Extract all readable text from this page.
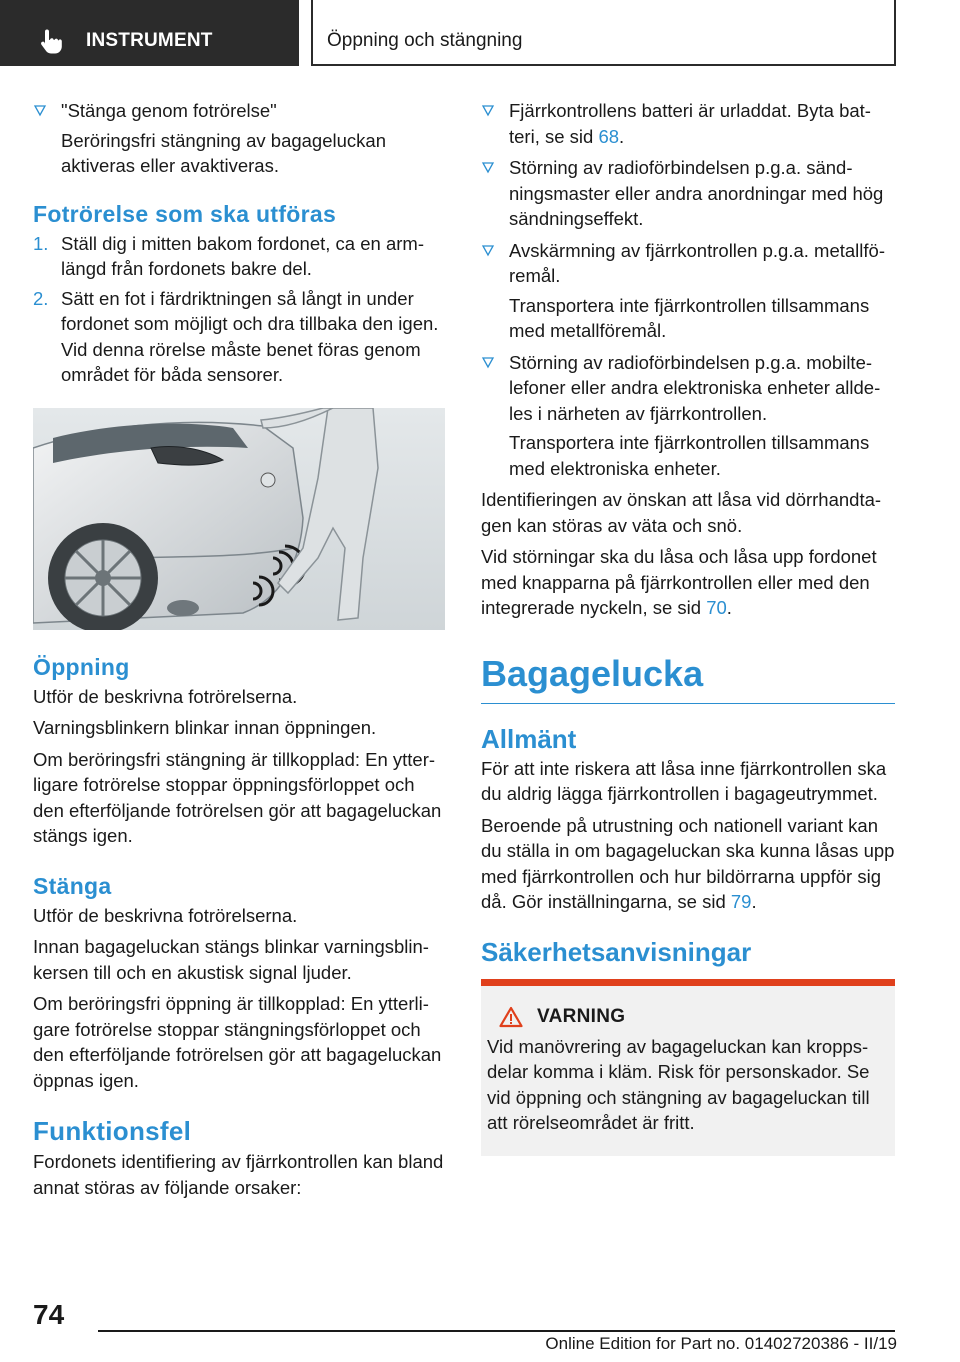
INSTRUMENT	Öppning och stängning

"Stänga genom fotrörelse"

Beröringsfri stängning av bagageluckan aktiveras eller avaktiveras.

Fotrörelse som ska utföras
1. Ställ dig i mitten bakom fordonet, ca en armlängd från fordonets bakre del.

2. Sätt en fot i färdriktningen så långt in under fordonet som möjligt och dra tillbaka den igen. Vid denna rörelse måste benet föras genom området för båda sensorer.

Öppning

Utför de beskrivna fotrörelserna.

Varningsblinkern blinkar innan öppningen.

Om beröringsfri stängning är tillkopplad: En ytterligare fotrörelse stoppar öppningsförloppet och den efterföljande fotrörelsen gör att bagageluckan stängs igen.

Stänga

Utför de beskrivna fotrörelserna.

Innan bagageluckan stängs blinkar varningsblinkersen till och en akustisk signal ljuder.

Om beröringsfri öppning är tillkopplad: En ytterligare fotrörelse stoppar stängningsförloppet och den efterföljande fotrörelsen gör att bagageluckan öppnas igen.

Funktionsfel

Fordonets identifiering av fjärrkontrollen kan bland annat störas av följande orsaker:

Fjärrkontrollens batteri är urladdat. Byta batteri, se sid 68.

Störning av radioförbindelsen p.g.a. sändningsmaster eller andra anordningar med hög sändningseffekt.

Avskärmning av fjärrkontrollen p.g.a. metallföremål.

Transportera inte fjärrkontrollen tillsammans med metallföremål.

Störning av radioförbindelsen p.g.a. mobiltelefoner eller andra elektroniska enheter alldeles i närheten av fjärrkontrollen.

Transportera inte fjärrkontrollen tillsammans med elektroniska enheter.

Identifieringen av önskan att låsa vid dörrhandtagen kan störas av väta och snö.

Vid störningar ska du låsa och låsa upp fordonet med knapparna på fjärrkontrollen eller med den integrerade nyckeln, se sid 70.

Bagagelucka
Allmänt

För att inte riskera att låsa inne fjärrkontrollen ska du aldrig lägga fjärrkontrollen i bagageutrymmet.

Beroende på utrustning och nationell variant kan du ställa in om bagageluckan ska kunna låsas upp med fjärrkontrollen och hur bildörrarna uppför sig då. Gör inställningarna, se sid 79.

Säkerhetsanvisningar
VARNING

Vid manövrering av bagageluckan kan kroppsdelar komma i kläm. Risk för personskador. Se vid öppning och stängning av bagageluckan till att rörelseområdet är fritt.

74
Online Edition for Part no. 01402720386 - II/19
